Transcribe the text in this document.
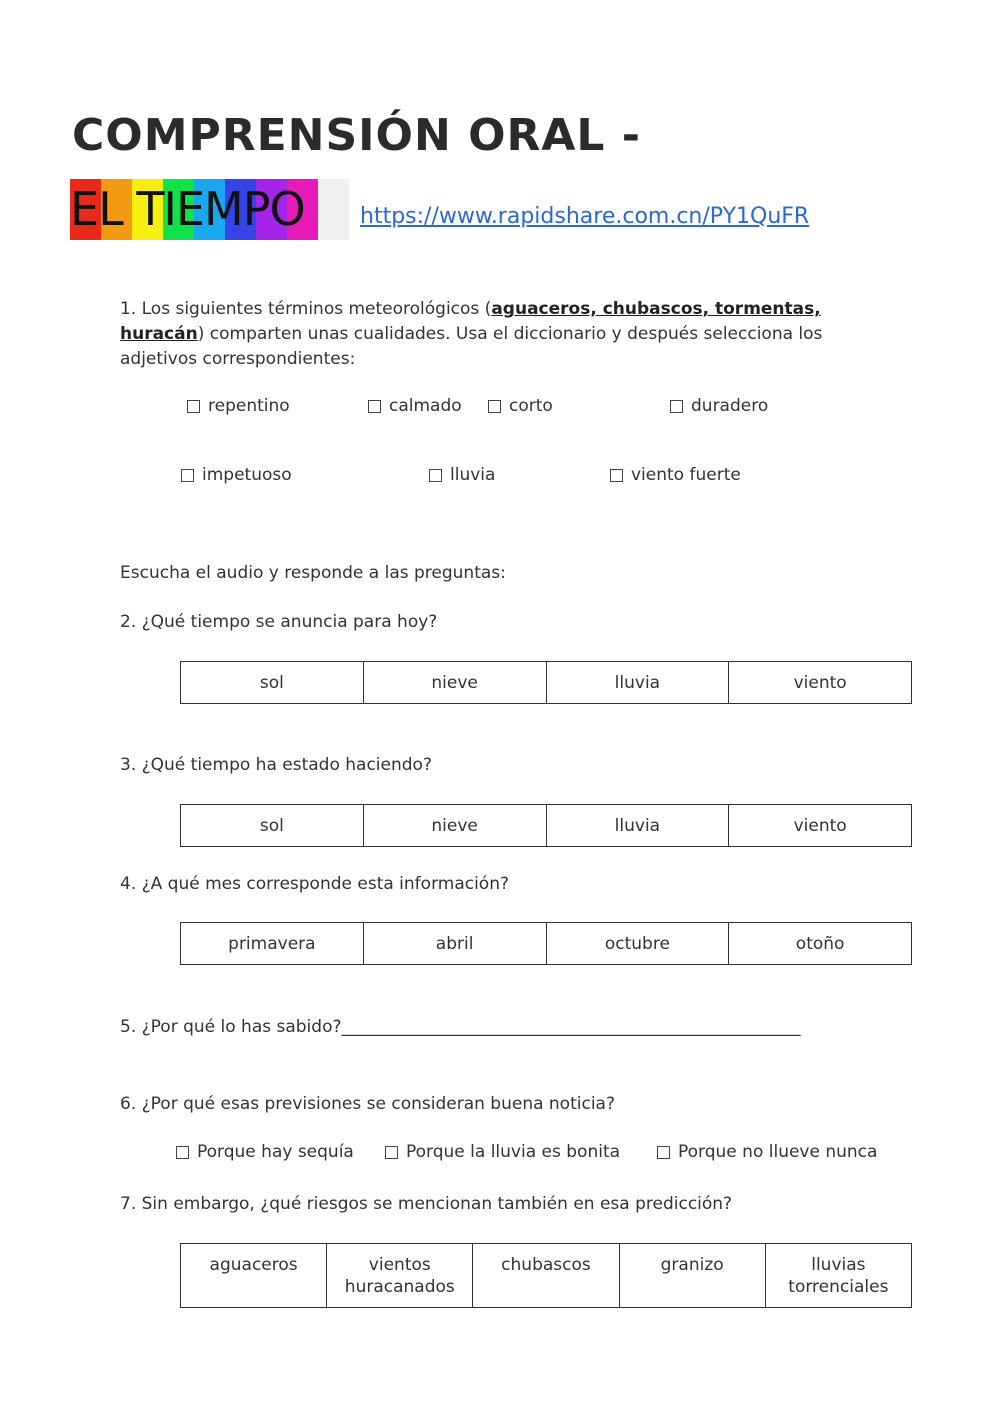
COMPRENSIÓN ORAL -
EL TIEMPO	https://www.rapidshare.com.cn/PY1QuFR
1. Los siguientes términos meteorológicos (aguaceros, chubascos, tormentas, huracán) comparten unas cualidades. Usa el diccionario y después selecciona los adjetivos correspondientes:
repentino	calmado	corto	duradero
impetuoso	lluvia	viento fuerte
Escucha el audio y responde a las preguntas:
2. ¿Qué tiempo se anuncia para hoy?
sol	nieve	lluvia	viento
3. ¿Qué tiempo ha estado haciendo?
sol	nieve	lluvia	viento
4. ¿A qué mes corresponde esta información?
primavera	abril	octubre	otoño
5. ¿Por qué lo has sabido?______________________________________________________
6. ¿Por qué esas previsiones se consideran buena noticia?
Porque hay sequía	Porque la lluvia es bonita	Porque no llueve nunca
7. Sin embargo, ¿qué riesgos se mencionan también en esa predicción?
aguaceros	vientos huracanados	chubascos	granizo	lluvias torrenciales
